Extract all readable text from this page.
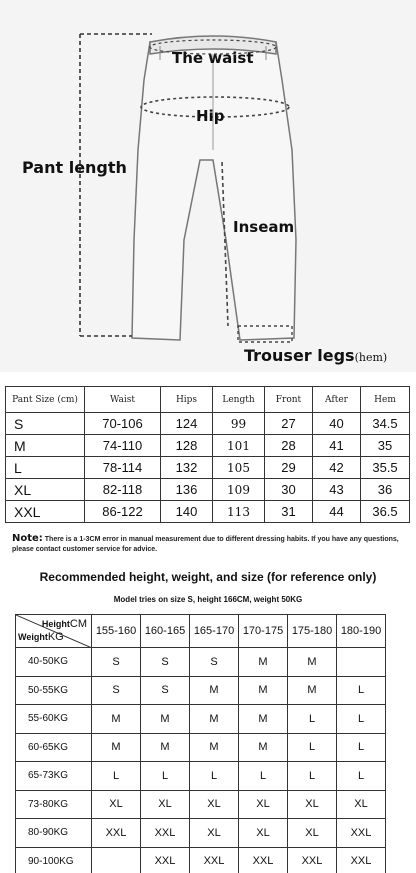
The waist
Hip
Pant length
Inseam
Trouser legs(hem)
Pant Size (cm)	Waist	Hips	Length	Front	After	Hem
S	70-106	124	99	27	40	34.5
M	74-110	128	101	28	41	35
L	78-114	132	105	29	42	35.5
XL	82-118	136	109	30	43	36
XXL	86-122	140	113	31	44	36.5
Note: There is a 1-3CM error in manual measurement due to different dressing habits. If you have any questions, please contact customer service for advice.
Recommended height, weight, and size (for reference only)
Model tries on size S, height 166CM, weight 50KG
HeightCM
WeightKG	155-160	160-165	165-170	170-175	175-180	180-190
40-50KG	S	S	S	M	M	
50-55KG	S	S	M	M	M	L
55-60KG	M	M	M	M	L	L
60-65KG	M	M	M	M	L	L
65-73KG	L	L	L	L	L	L
73-80KG	XL	XL	XL	XL	XL	XL
80-90KG	XXL	XXL	XL	XL	XL	XXL
90-100KG		XXL	XXL	XXL	XXL	XXL
